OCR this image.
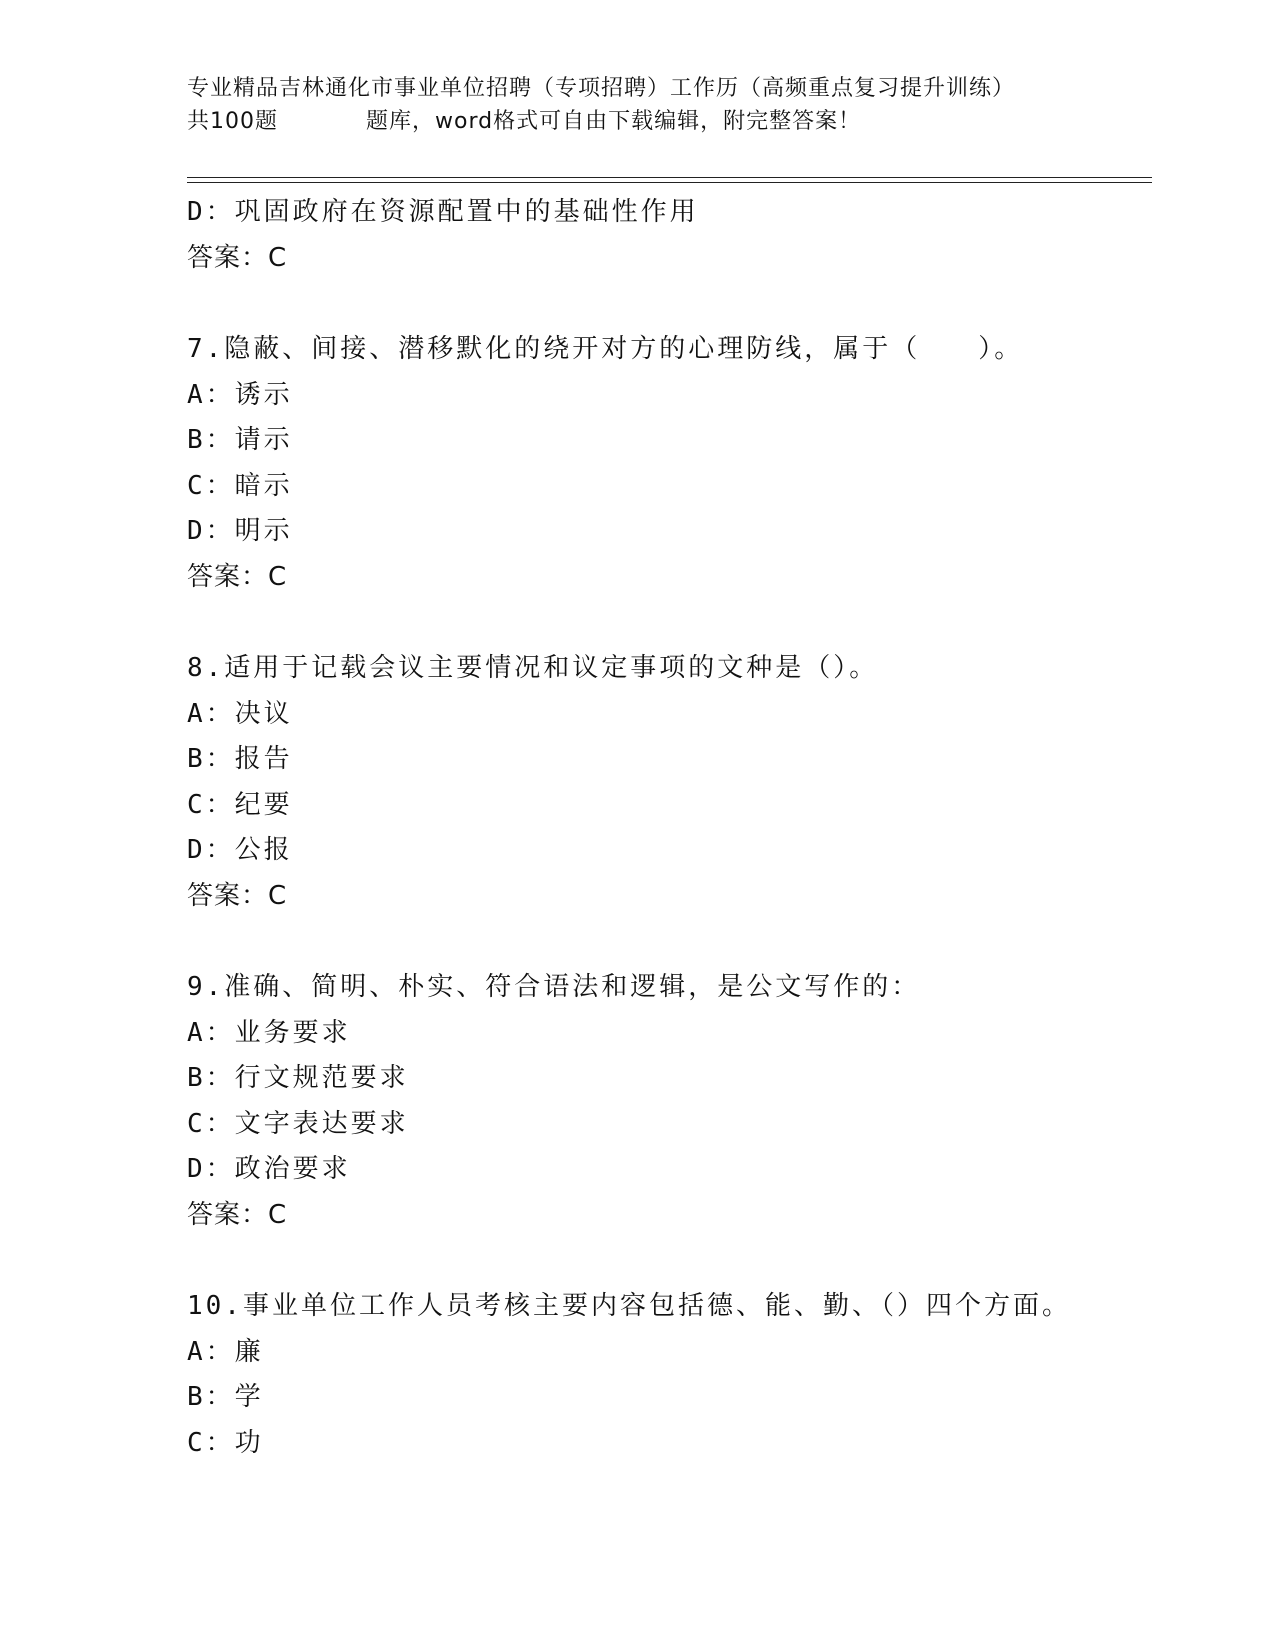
专业精品吉林通化市事业单位招聘（专项招聘）工作历（高频重点复习提升训练）
共100题	题库，word格式可自由下载编辑，附完整答案！
D：巩固政府在资源配置中的基础性作用
答案：C
7.隐蔽、间接、潜移默化的绕开对方的心理防线，属于（　　）。
A：诱示
B：请示
C：暗示
D：明示
答案：C
8.适用于记载会议主要情况和议定事项的文种是（）。
A：决议
B：报告
C：纪要
D：公报
答案：C
9.准确、简明、朴实、符合语法和逻辑，是公文写作的：
A：业务要求
B：行文规范要求
C：文字表达要求
D：政治要求
答案：C
10.事业单位工作人员考核主要内容包括德、能、勤、（）四个方面。
A：廉
B：学
C：功
